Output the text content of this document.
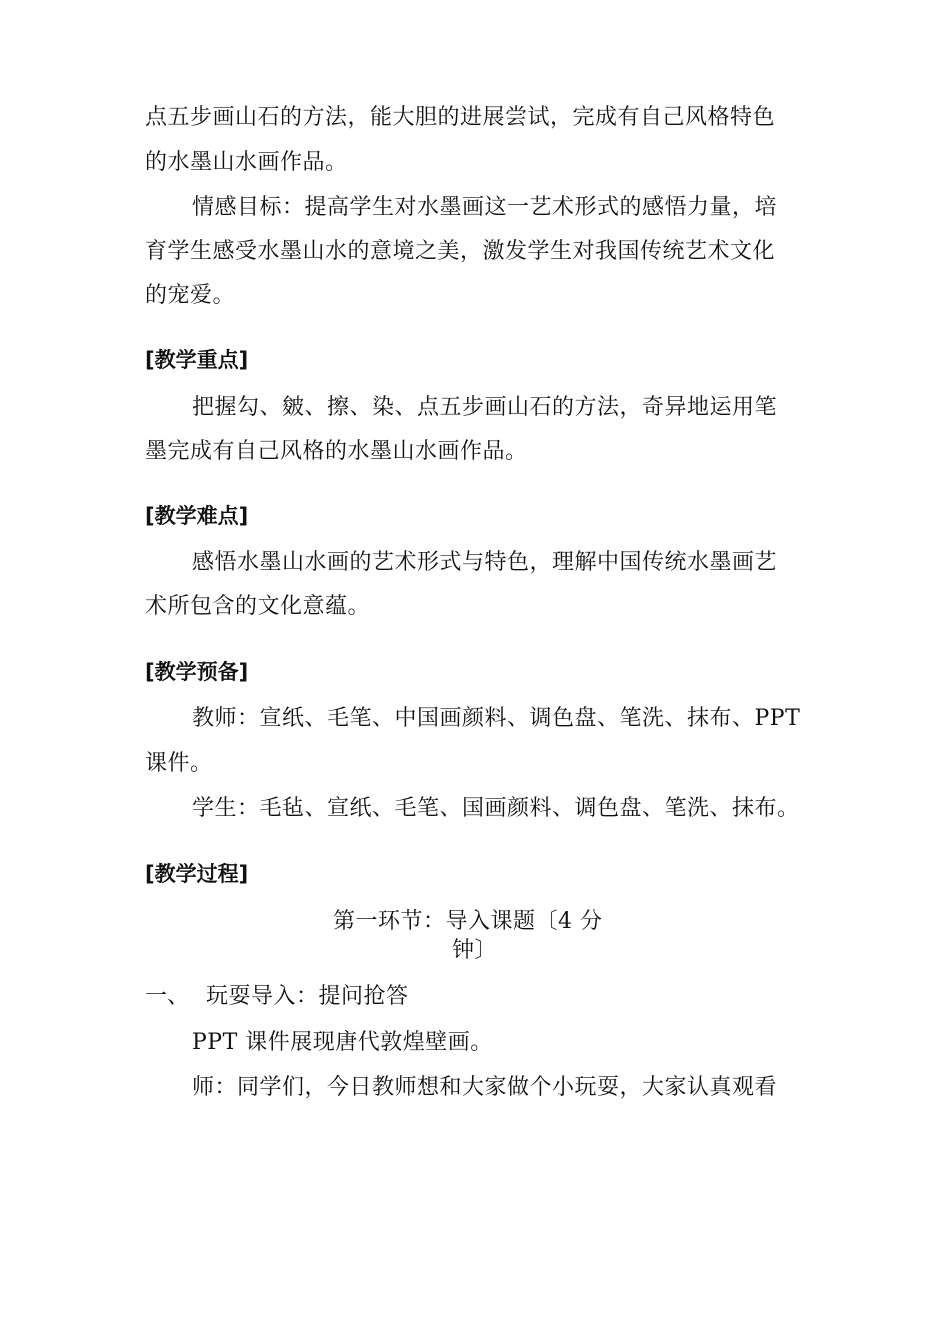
点五步画山石的方法，能大胆的进展尝试，完成有自己风格特色
的水墨山水画作品。
情感目标：提高学生对水墨画这一艺术形式的感悟力量，培
育学生感受水墨山水的意境之美，激发学生对我国传统艺术文化
的宠爱。
[教学重点]
把握勾、皴、擦、染、点五步画山石的方法，奇异地运用笔
墨完成有自己风格的水墨山水画作品。
[教学难点]
感悟水墨山水画的艺术形式与特色，理解中国传统水墨画艺
术所包含的文化意蕴。
[教学预备]
教师：宣纸、毛笔、中国画颜料、调色盘、笔洗、抹布、PPT
课件。
学生：毛毡、宣纸、毛笔、国画颜料、调色盘、笔洗、抹布。
[教学过程]
第一环节：导入课题〔4 分
钟〕
一、 玩耍导入：提问抢答
PPT 课件展现唐代敦煌壁画。
师：同学们，今日教师想和大家做个小玩耍，大家认真观看
